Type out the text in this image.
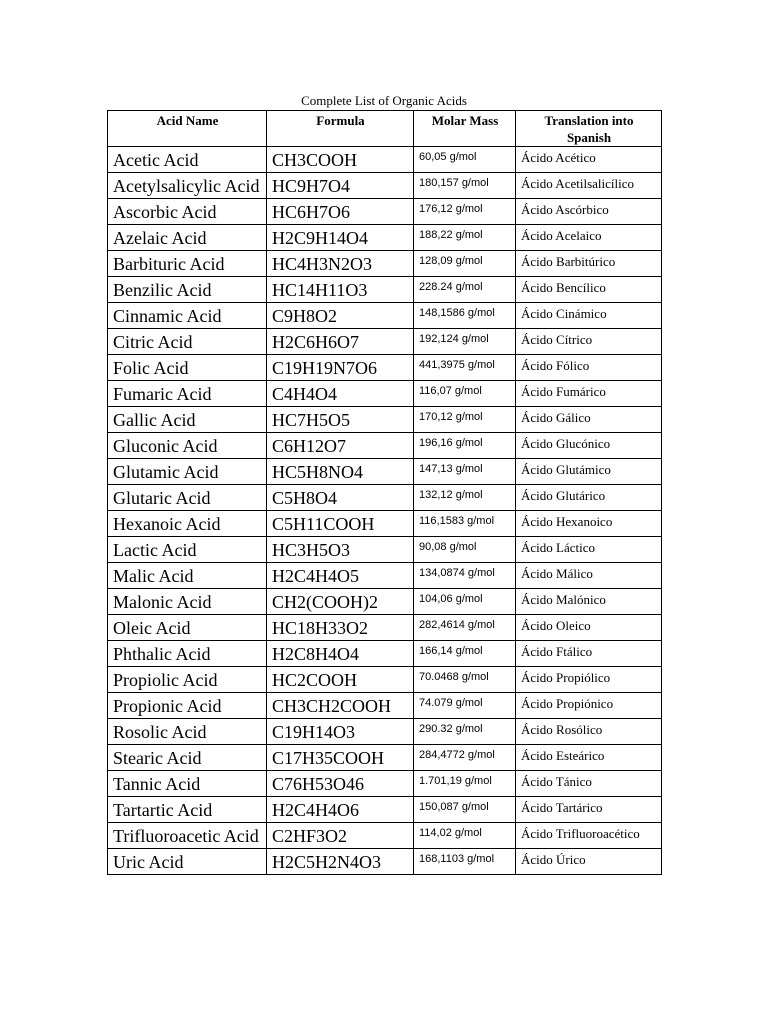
Complete List of Organic Acids
Acid Name	Formula	Molar Mass	Translation into Spanish
Acetic Acid	CH3COOH	60,05 g/mol	Ácido Acético
Acetylsalicylic Acid	HC9H7O4	180,157 g/mol	Ácido Acetilsalicílico
Ascorbic Acid	HC6H7O6	176,12 g/mol	Ácido Ascórbico
Azelaic Acid	H2C9H14O4	188,22 g/mol	Ácido Acelaico
Barbituric Acid	HC4H3N2O3	128,09 g/mol	Ácido Barbitúrico
Benzilic Acid	HC14H11O3	228.24 g/mol	Ácido Bencílico
Cinnamic Acid	C9H8O2	148,1586 g/mol	Ácido Cinámico
Citric Acid	H2C6H6O7	192,124 g/mol	Ácido Cítrico
Folic Acid	C19H19N7O6	441,3975 g/mol	Ácido Fólico
Fumaric Acid	C4H4O4	116,07 g/mol	Ácido Fumárico
Gallic Acid	HC7H5O5	170,12 g/mol	Ácido Gálico
Gluconic Acid	C6H12O7	196,16 g/mol	Ácido Glucónico
Glutamic Acid	HC5H8NO4	147,13 g/mol	Ácido Glutámico
Glutaric Acid	C5H8O4	132,12 g/mol	Ácido Glutárico
Hexanoic Acid	C5H11COOH	116,1583 g/mol	Ácido Hexanoico
Lactic Acid	HC3H5O3	90,08 g/mol	Ácido Láctico
Malic Acid	H2C4H4O5	134,0874 g/mol	Ácido Málico
Malonic Acid	CH2(COOH)2	104,06 g/mol	Ácido Malónico
Oleic Acid	HC18H33O2	282,4614 g/mol	Ácido Oleico
Phthalic Acid	H2C8H4O4	166,14 g/mol	Ácido Ftálico
Propiolic Acid	HC2COOH	70.0468 g/mol	Ácido Propiólico
Propionic Acid	CH3CH2COOH	74.079 g/mol	Ácido Propiónico
Rosolic Acid	C19H14O3	290.32 g/mol	Ácido Rosólico
Stearic Acid	C17H35COOH	284,4772 g/mol	Ácido Esteárico
Tannic Acid	C76H53O46	1.701,19 g/mol	Ácido Tánico
Tartartic Acid	H2C4H4O6	150,087 g/mol	Ácido Tartárico
Trifluoroacetic Acid	C2HF3O2	114,02 g/mol	Ácido Trifluoroacético
Uric Acid	H2C5H2N4O3	168,1103 g/mol	Ácido Úrico
